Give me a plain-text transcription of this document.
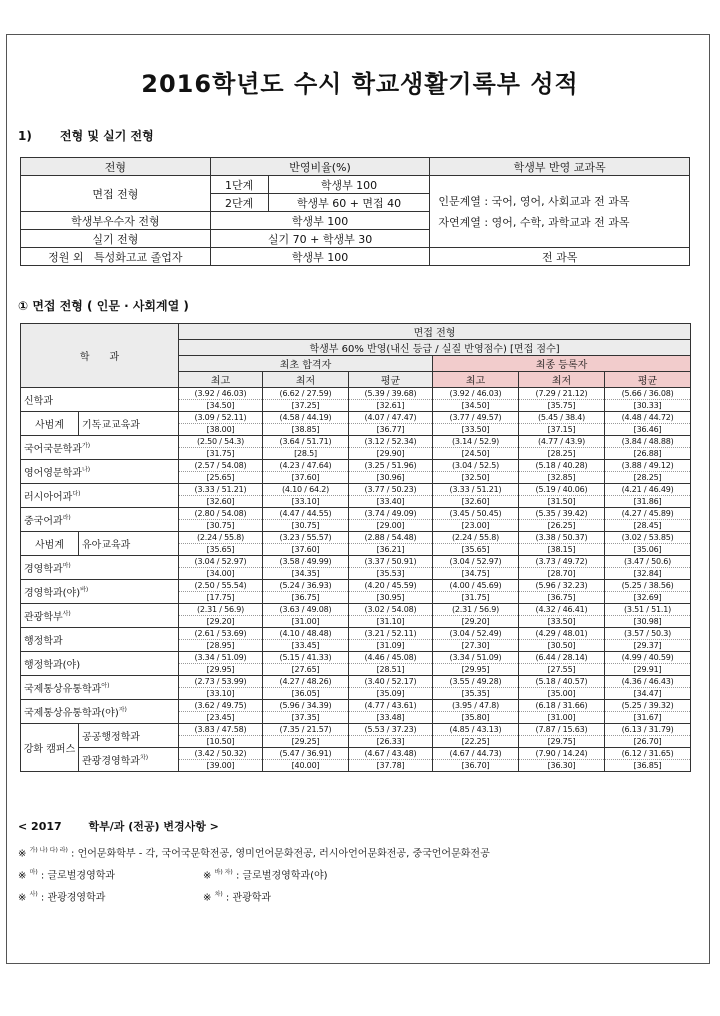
2016학년도 수시 학교생활기록부 성적
1) 전형 및 실기 전형
전형	반영비율(%)		학생부 반영 교과목
면접 전형	1단계	학생부 100	인문계열 : 국어, 영어, 사회교과 전 과목
자연계열 : 영어, 수학, 과학교과 전 과목

	2단계	학생부 60 + 면접 40	
학생부우수자 전형	학생부 100		
실기 전형	실기 70 + 학생부 30		
정원 외 특성화고교 졸업자	학생부 100		전 과목
① 면접 전형 ( 인문 · 사회계열 )
학　　과		면접 전형					
		학생부 60% 반영(내신 등급 / 실질 반영점수) [면접 점수]					
		최초 합격자			최종 등록자		
		최고	최저	평균	최고	최저	평균
신학과		(3.92 / 46.03)	(6.62 / 27.59)	(5.39 / 39.68)	(3.92 / 46.03)	(7.29 / 21.12)	(5.66 / 36.08)
		[34.50]	[37.25]	[32.61]	[34.50]	[35.75]	[30.33]
사범계	기독교교육과	(3.09 / 52.11)	(4.58 / 44.19)	(4.07 / 47.47)	(3.77 / 49.57)	(5.45 / 38.4)	(4.48 / 44.72)
		[38.00]	[38.85]	[36.77]	[33.50]	[37.15]	[36.46]
국어국문학과$^{가)}$		(2.50 / 54.3)	(3.64 / 51.71)	(3.12 / 52.34)	(3.14 / 52.9)	(4.77 / 43.9)	(3.84 / 48.88)
		[31.75]	[28.5]	[29.90]	[24.50]	[28.25]	[26.88]
영어영문학과$^{나)}$		(2.57 / 54.08)	(4.23 / 47.64)	(3.25 / 51.96)	(3.04 / 52.5)	(5.18 / 40.28)	(3.88 / 49.12)
		[25.65]	[37.60]	[30.96]	[32.50]	[32.85]	[28.25]
러시아어과$^{다)}$		(3.33 / 51.21)	(4.10 / 64.2)	(3.77 / 50.23)	(3.33 / 51.21)	(5.19 / 40.06)	(4.21 / 46.49)
		[32.60]	[33.10]	[33.40]	[32.60]	[31.50]	[31.86]
중국어과$^{라)}$		(2.80 / 54.08)	(4.47 / 44.55)	(3.74 / 49.09)	(3.45 / 50.45)	(5.35 / 39.42)	(4.27 / 45.89)
		[30.75]	[30.75]	[29.00]	[23.00]	[26.25]	[28.45]
사범계	유아교육과	(2.24 / 55.8)	(3.23 / 55.57)	(2.88 / 54.48)	(2.24 / 55.8)	(3.38 / 50.37)	(3.02 / 53.85)
		[35.65]	[37.60]	[36.21]	[35.65]	[38.15]	[35.06]
경영학과$^{마)}$		(3.04 / 52.97)	(3.58 / 49.99)	(3.37 / 50.91)	(3.04 / 52.97)	(3.73 / 49.72)	(3.47 / 50.6)
		[34.00]	[34.35]	[35.53]	[34.75]	[28.70]	[32.84]
경영학과(야)$^{바)}$		(2.50 / 55.54)	(5.24 / 36.93)	(4.20 / 45.59)	(4.00 / 45.69)	(5.96 / 32.23)	(5.25 / 38.56)
		[17.75]	[36.75]	[30.95]	[31.75]	[36.75]	[32.69]
관광학부$^{사)}$		(2.31 / 56.9)	(3.63 / 49.08)	(3.02 / 54.08)	(2.31 / 56.9)	(4.32 / 46.41)	(3.51 / 51.1)
		[29.20]	[31.00]	[31.10]	[29.20]	[33.50]	[30.98]
행정학과		(2.61 / 53.69)	(4.10 / 48.48)	(3.21 / 52.11)	(3.04 / 52.49)	(4.29 / 48.01)	(3.57 / 50.3)
		[28.95]	[33.45]	[31.09]	[27.30]	[30.50]	[29.37]
행정학과(야)		(3.34 / 51.09)	(5.15 / 41.33)	(4.46 / 45.08)	(3.34 / 51.09)	(6.44 / 28.14)	(4.99 / 40.59)
		[29.95]	[27.65]	[28.51]	[29.95]	[27.55]	[29.91]
국제통상유통학과$^{아)}$		(2.73 / 53.99)	(4.27 / 48.26)	(3.40 / 52.17)	(3.55 / 49.28)	(5.18 / 40.57)	(4.36 / 46.43)
		[33.10]	[36.05]	[35.09]	[35.35]	[35.00]	[34.47]
국제통상유통학과(야)$^{자)}$		(3.62 / 49.75)	(5.96 / 34.39)	(4.77 / 43.61)	(3.95 / 47.8)	(6.18 / 31.66)	(5.25 / 39.32)
		[23.45]	[37.35]	[33.48]	[35.80]	[31.00]	[31.67]
강화 캠퍼스	공공행정학과	(3.83 / 47.58)	(7.35 / 21.57)	(5.53 / 37.23)	(4.85 / 43.13)	(7.87 / 15.63)	(6.13 / 31.79)
		[10.50]	[29.25]	[26.33]	[22.25]	[29.75]	[26.70]
	관광경영학과$^{차)}$	(3.42 / 50.32)	(5.47 / 36.91)	(4.67 / 43.48)	(4.67 / 44.73)	(7.90 / 14.24)	(6.12 / 31.65)
		[39.00]	[40.00]	[37.78]	[36.70]	[36.30]	[36.85]
< 2017 학부/과 (전공) 변경사항 >
※ $^{가) 나) 다) 라)}$ : 언어문화학부 - 각, 국어국문학전공, 영미언어문화전공, 러시아언어문화전공, 중국언어문화전공
※ $^{마)}$ : 글로벌경영학과	※ $^{바) 자)}$ : 글로벌경영학과(야)
※ $^{사)}$ : 관광경영학과	※ $^{차)}$ : 관광학과
